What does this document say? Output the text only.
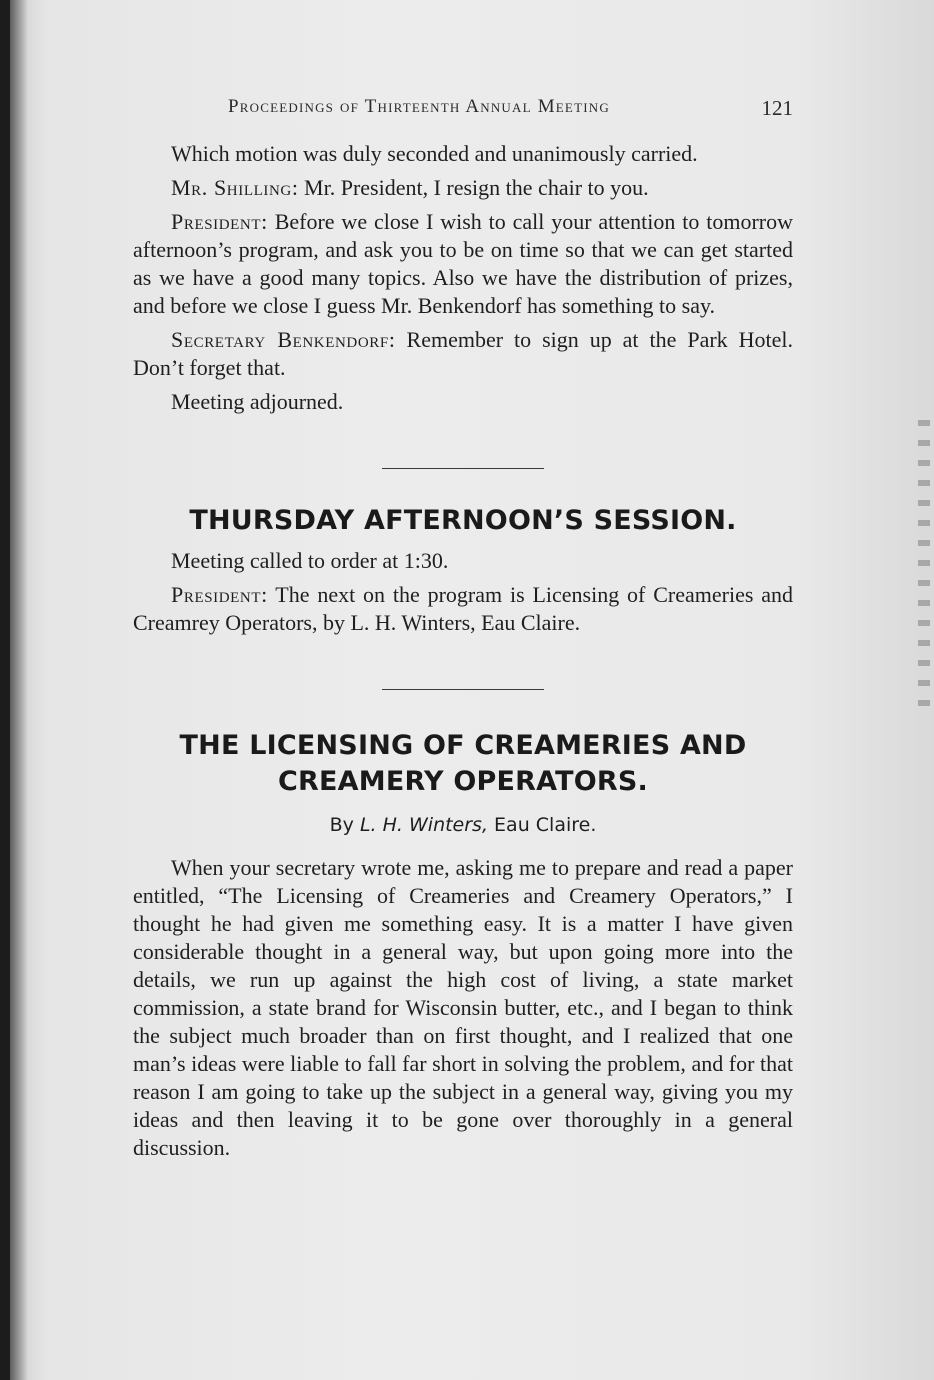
Proceedings of Thirteenth Annual Meeting	121

Which motion was duly seconded and unanimously carried.

Mr. Shilling: Mr. President, I resign the chair to you.

President: Before we close I wish to call your attention to tomorrow afternoon’s program, and ask you to be on time so that we can get started as we have a good many topics. Also we have the distribution of prizes, and before we close I guess Mr. Benkendorf has something to say.

Secretary Benkendorf: Remember to sign up at the Park Hotel. Don’t forget that.

Meeting adjourned.

THURSDAY AFTERNOON’S SESSION.

Meeting called to order at 1:30.

President: The next on the program is Licensing of Creameries and Creamrey Operators, by L. H. Winters, Eau Claire.

THE LICENSING OF CREAMERIES AND
CREAMERY OPERATORS.
By L. H. Winters, Eau Claire.

When your secretary wrote me, asking me to prepare and read a paper entitled, “The Licensing of Creameries and Creamery Operators,” I thought he had given me something easy. It is a matter I have given considerable thought in a general way, but upon going more into the details, we run up against the high cost of living, a state market commission, a state brand for Wisconsin butter, etc., and I began to think the subject much broader than on first thought, and I realized that one man’s ideas were liable to fall far short in solving the problem, and for that reason I am going to take up the subject in a general way, giving you my ideas and then leaving it to be gone over thoroughly in a general discussion.
